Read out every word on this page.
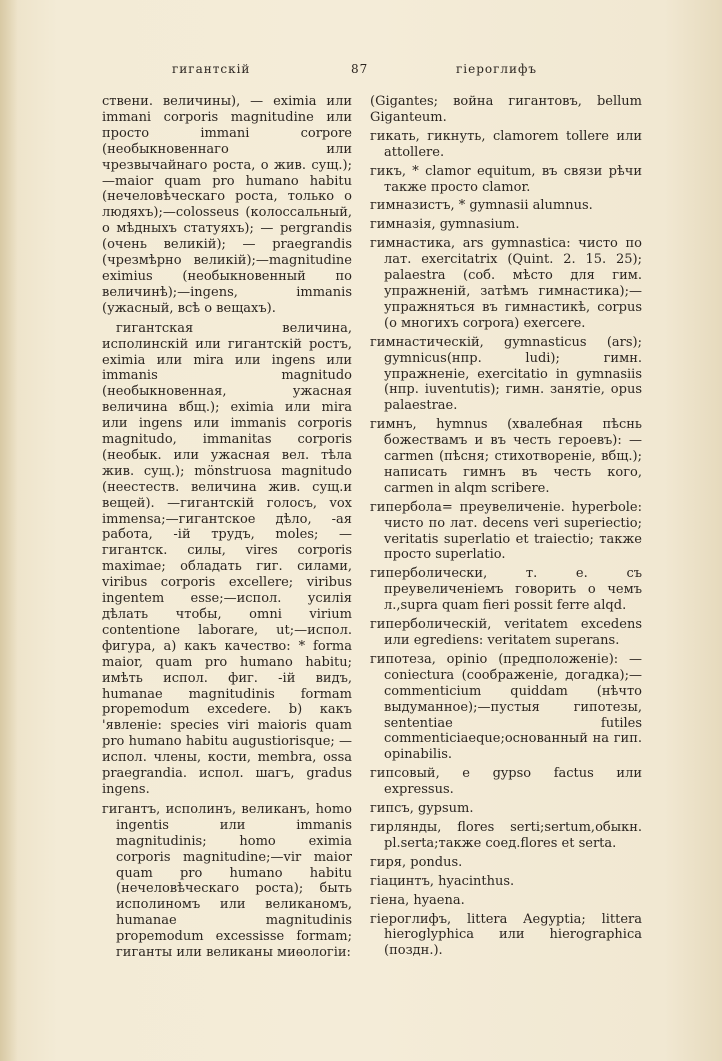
гигантскій	87	гіероглифъ

ствени. величины), — eximia или immani corporis magnitudine или просто immani corpore (необыкновеннаго или чрезвычайнаго роста, о жив. сущ.);—maior quam pro humano habitu (нечеловѣческаго роста, только о людяхъ);—colosseus (колоссальный, о мѣдныхъ статуяхъ); — pergrandis (очень великій); — praegrandis (чрезмѣрно великій);—magnitudine eximius (необыкновенный по величинѣ);—ingens, immanis (ужасный, всѣ о вещахъ).

гигантская величина, исполинскій или гигантскій ростъ, eximia или mira или ingens или immanis magnitudo (необыкновенная, ужасная величина вбщ.); eximia или mira или ingens или immanis corporis magnitudo, immanitas corporis (необык. или ужасная вел. тѣла жив. сущ.); mönstruosa magnitudo (неестеств. величина жив. сущ.и вещей). —гигантскій голосъ, vox immensa;—гигантское дѣло, -ая работа, -ій трудъ, moles; — гигантск. силы, vires corporis maximae; обладать гиг. силами, viribus corporis excellere; viribus ingentem esse;—испол. усилія дѣлать чтобы, omni virium contentione laborare, ut;—испол. фигура, a) какъ качество: * forma maior, quam pro humano habitu; имѣть испол. фиг. -ій видъ, humanae magnitudinis formam propemodum excedere. b) какъ 'явленіе: species viri maioris quam pro humano habitu augustiorisque; — испол. члены, кости, membra, ossa praegrandia. испол. шагъ, gradus ingens.

гигантъ, исполинъ, великанъ, homo ingentis или immanis magnitudinis; homo eximia corporis magnitudine;—vir maior quam pro humano habitu (нечеловѣческаго роста); быть исполиномъ или великаномъ, humanae magnitudinis propemodum excessisse formam; гиганты или великаны миѳологіи:

(Gigantes; война гигантовъ, bellum Giganteum.

гикать, гикнуть, clamorem tollere или attollere.

гикъ, * clamor equitum, въ связи рѣчи также просто clamor.

гимназистъ, * gymnasii alumnus.

гимназія, gymnasium.

гимнастика, ars gymnastica: чисто по лат. exercitatrix (Quint. 2. 15. 25); palaestra (соб. мѣсто для гим. упражненій, затѣмъ гимнастика);—упражняться въ гимнастикѣ, corpus (о многихъ corpora) exercere.

гимнастическій, gymnasticus (ars); gymnicus(нпр. ludi); гимн. упражненіе, exercitatio in gymnasiis (нпр. iuventutis); гимн. занятіе, opus palaestrae.

гимнъ, hymnus (хвалебная пѣснь божествамъ и въ честь героевъ): —carmen (пѣсня; стихотвореніе, вбщ.); написать гимнъ въ честь кого, carmen in alqm scribere.

гипербола= преувеличеніе. hyperbole: чисто по лат. decens veri superiectio; veritatis superlatio et traiectio; также просто superlatio.

гиперболически, т. е. съ преувеличеніемъ говорить о чемъ л.,supra quam fieri possit ferre alqd.

гиперболическій, veritatem excedens или egrediens: veritatem superans.

гипотеза, opinio (предположеніе): —coniectura (соображеніе, догадка);—commenticium quiddam (нѣчто выдуманное);—пустыя гипотезы, sententiae futiles commenticiaeque;основанный на гип. opinabilis.

гипсовый, e gypso factus или expressus.

гипсъ, gypsum.

гирлянды, flores serti;sertum,обыкн. pl.serta;также соед.flores et serta.

гиря, pondus.

гіацинтъ, hyacinthus.

гіена, hyaena.

гіероглифъ, littera Aegyptia; littera hieroglyphica или hierographica (поздн.).
